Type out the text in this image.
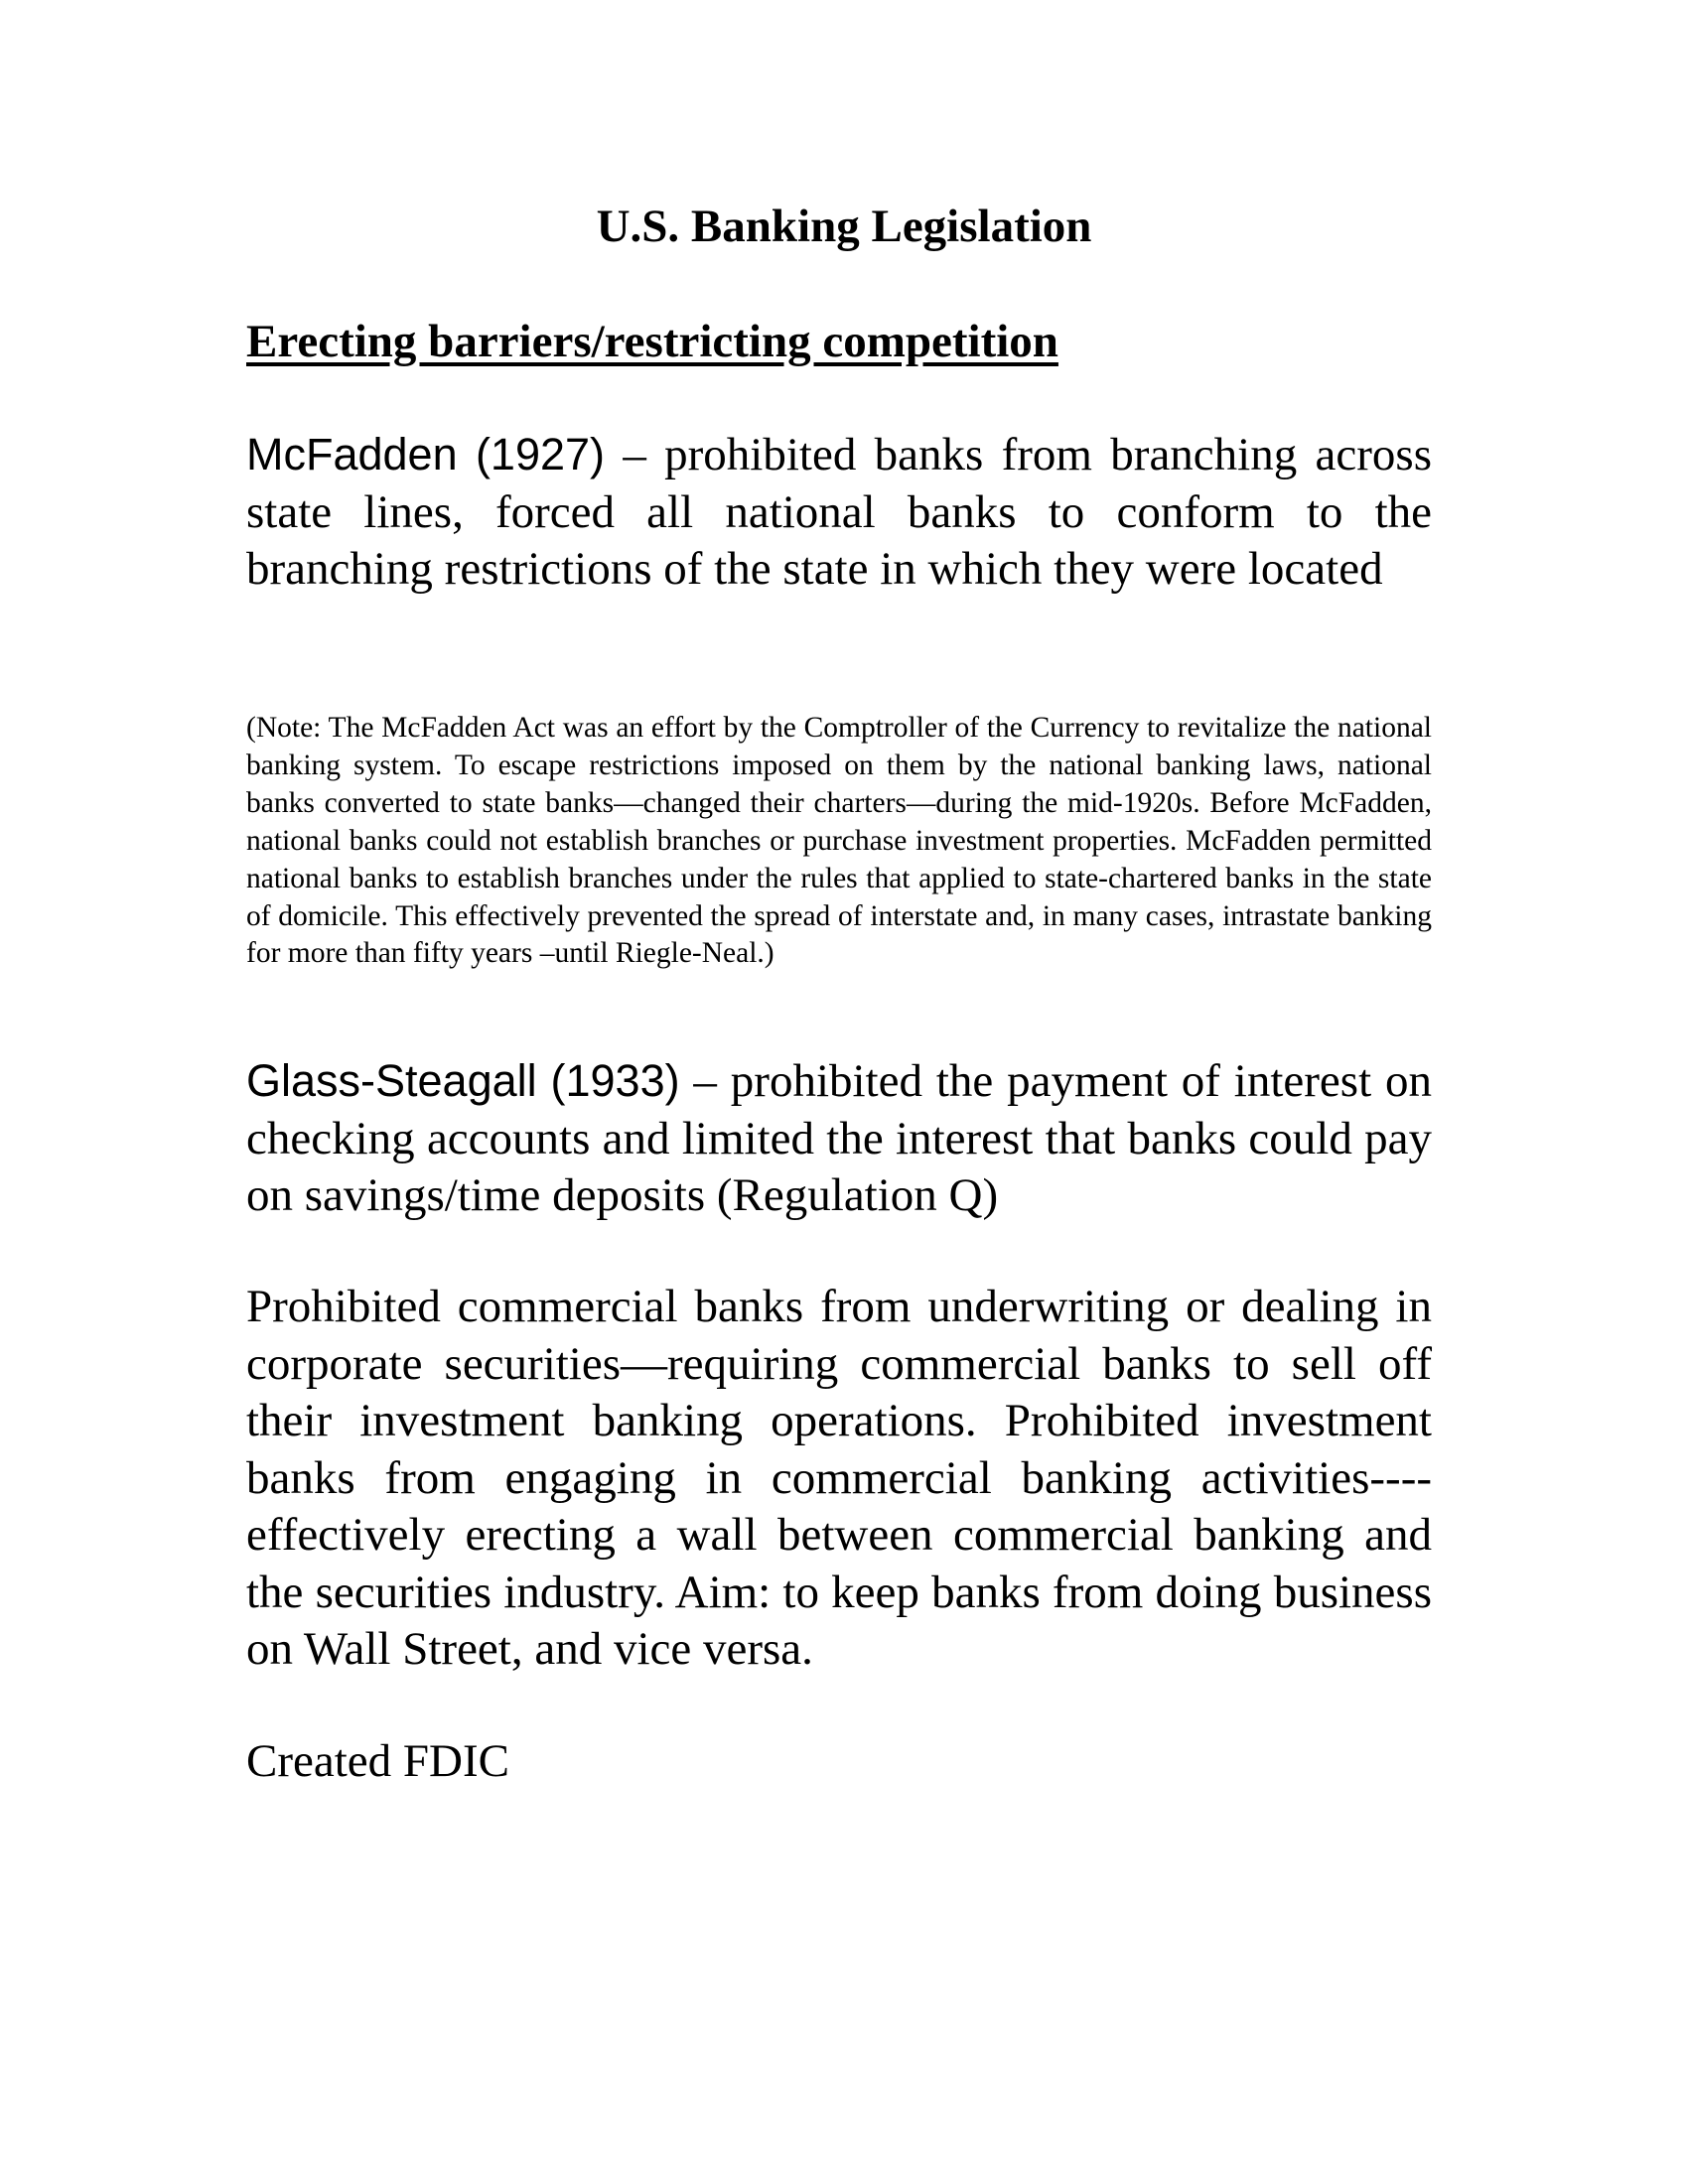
U.S. Banking Legislation
Erecting barriers/restricting competition

McFadden (1927) – prohibited banks from branching across state lines, forced all national banks to conform to the branching restrictions of the state in which they were located

(Note: The McFadden Act was an effort by the Comptroller of the Currency to revitalize the national banking system. To escape restrictions imposed on them by the national banking laws, national banks converted to state banks—changed their charters—during the mid-1920s. Before McFadden, national banks could not establish branches or purchase investment properties. McFadden permitted national banks to establish branches under the rules that applied to state-chartered banks in the state of domicile. This effectively prevented the spread of interstate and, in many cases, intrastate banking for more than fifty years –until Riegle-Neal.)

Glass-Steagall (1933) – prohibited the payment of interest on checking accounts and limited the interest that banks could pay on savings/time deposits (Regulation Q)

Prohibited commercial banks from underwriting or dealing in corporate securities—requiring commercial banks to sell off their investment banking operations. Prohibited investment banks from engaging in commercial banking activities----effectively erecting a wall between commercial banking and the securities industry. Aim: to keep banks from doing business on Wall Street, and vice versa.

Created FDIC
